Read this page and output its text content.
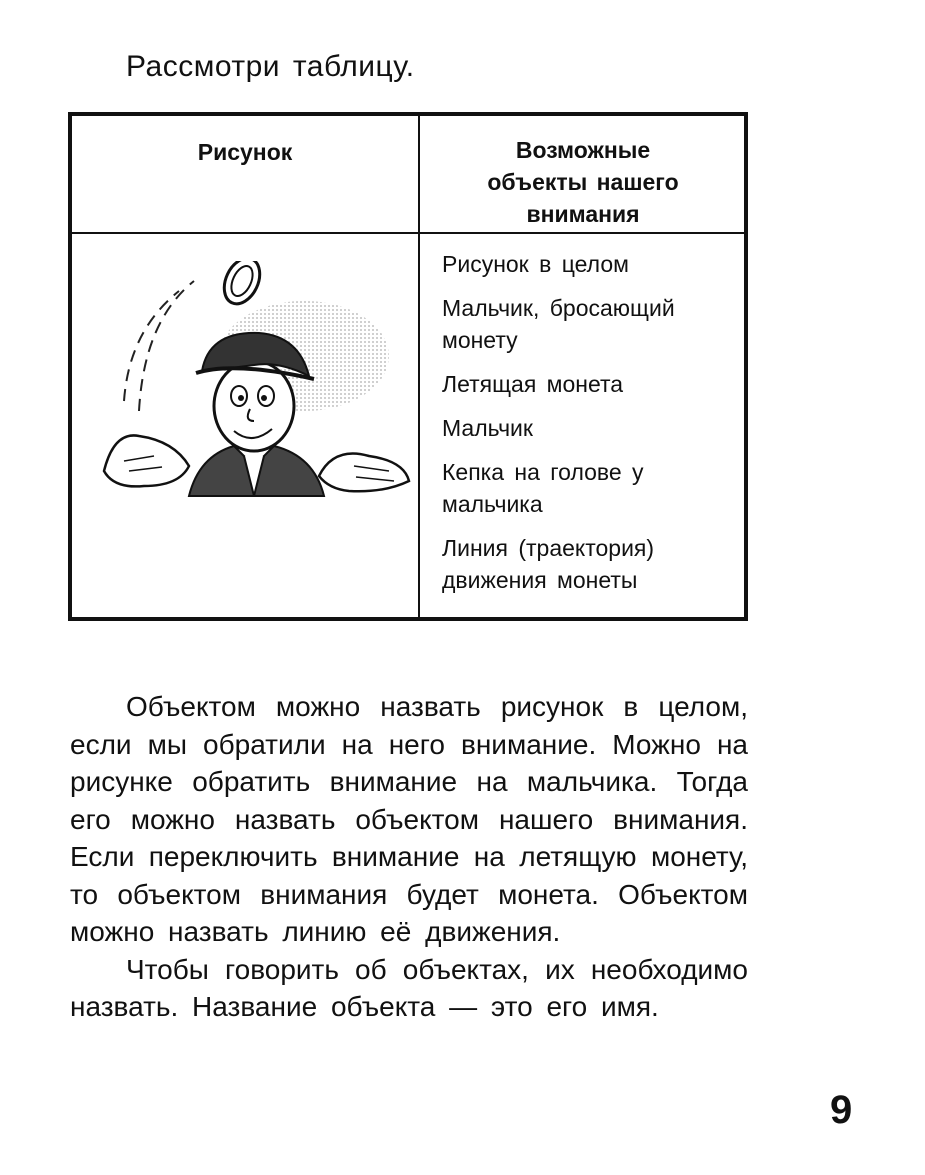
Рассмотри таблицу.
Рисунок	Возможные объекты нашего внимания
Рисунок в целом
Мальчик, бросающий монету
Летящая монета
Мальчик
Кепка на голове у мальчика
Линия (траектория) движения монеты

Объектом можно назвать рисунок в целом, если мы обратили на него внимание. Можно на рисунке обратить внимание на мальчика. Тогда его можно назвать объектом нашего внимания. Если переключить внимание на летящую монету, то объектом внимания будет монета. Объектом можно назвать линию её движения.

Чтобы говорить об объектах, их необходимо назвать. Название объекта — это его имя.

9
